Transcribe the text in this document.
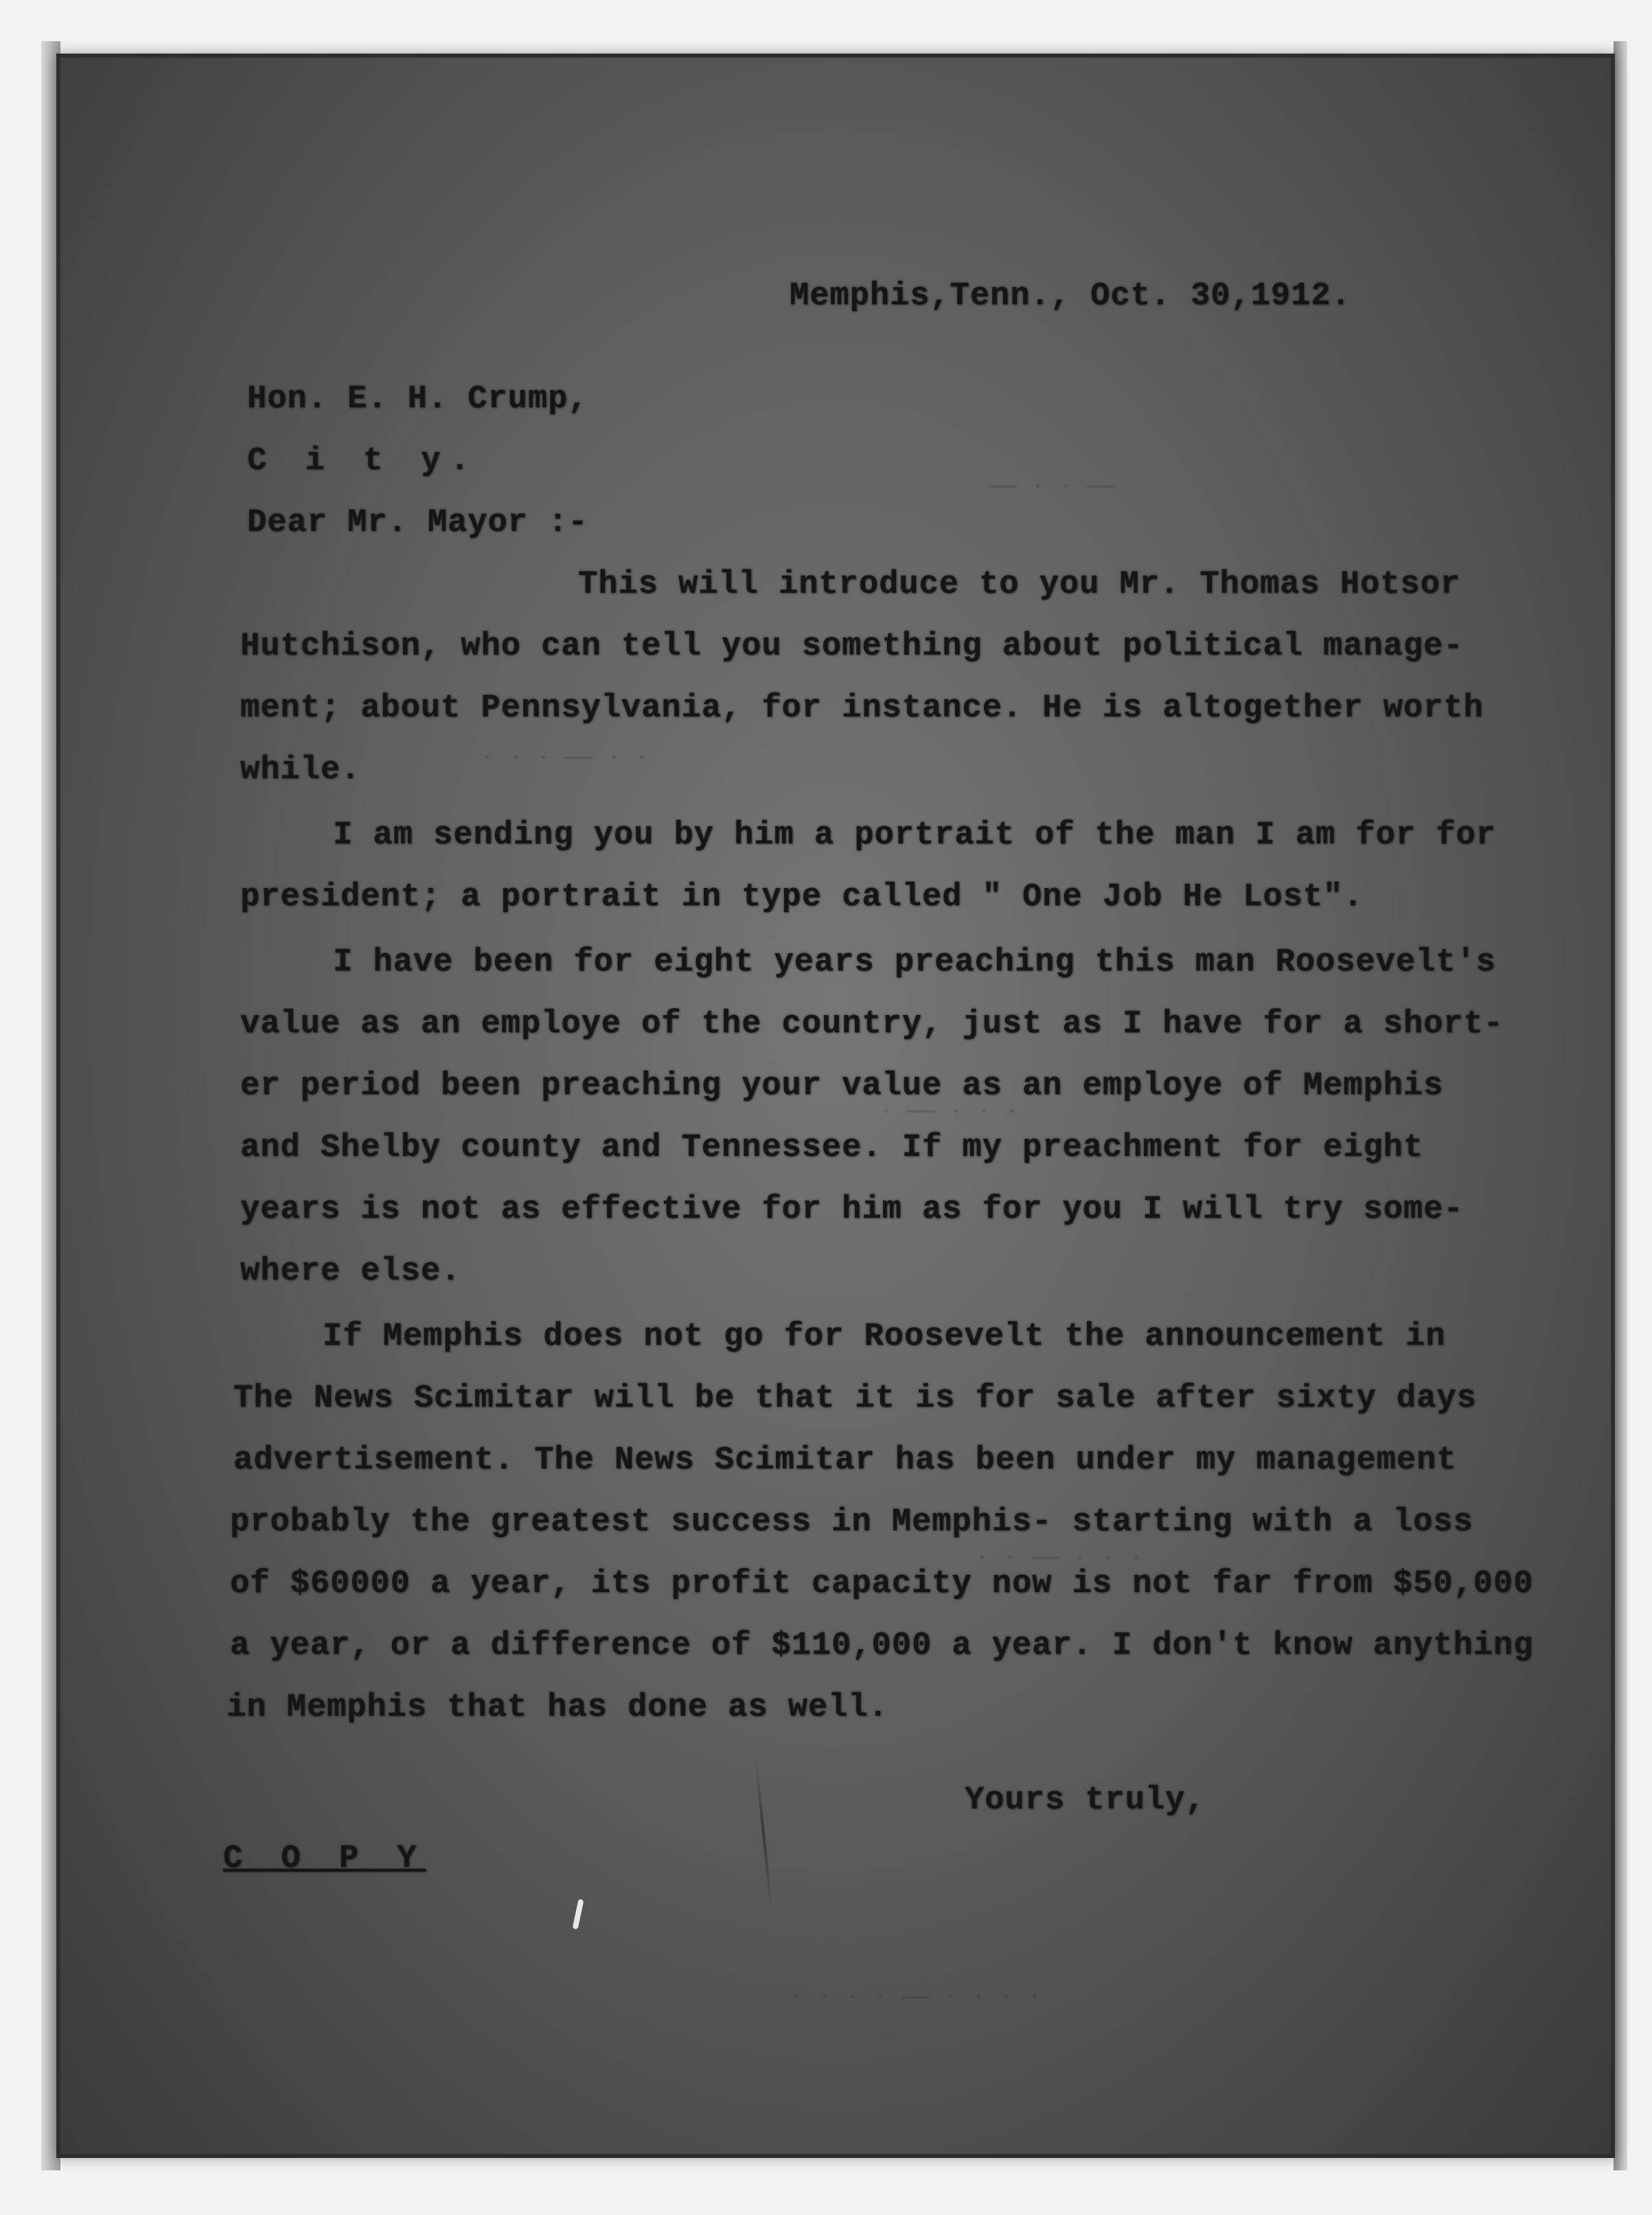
—— · · ——
· · · —— · ·
· —— · · ·
· · —— · · ·
· · · · —— · · · ·
Memphis,Tenn., Oct. 30,1912.
Hon. E. H. Crump,
C i t y.
Dear Mr. Mayor :-
This will introduce to you Mr. Thomas Hotsor
Hutchison, who can tell you something about political manage-
ment; about Pennsylvania, for instance. He is altogether worth
while.
I am sending you by him a portrait of the man I am for for
president; a portrait in type called " One Job He Lost".
I have been for eight years preaching this man Roosevelt's
value as an employe of the country, just as I have for a short-
er period been preaching your value as an employe of Memphis
and Shelby county and Tennessee. If my preachment for eight
years is not as effective for him as for you I will try some-
where else.
If Memphis does not go for Roosevelt the announcement in
The News Scimitar will be that it is for sale after sixty days
advertisement. The News Scimitar has been under my management
probably the greatest success in Memphis- starting with a loss
of $60000 a year, its profit capacity now is not far from $50,000
a year, or a difference of $110,000 a year. I don't know anything
in Memphis that has done as well.
Yours truly,
C O P Y
